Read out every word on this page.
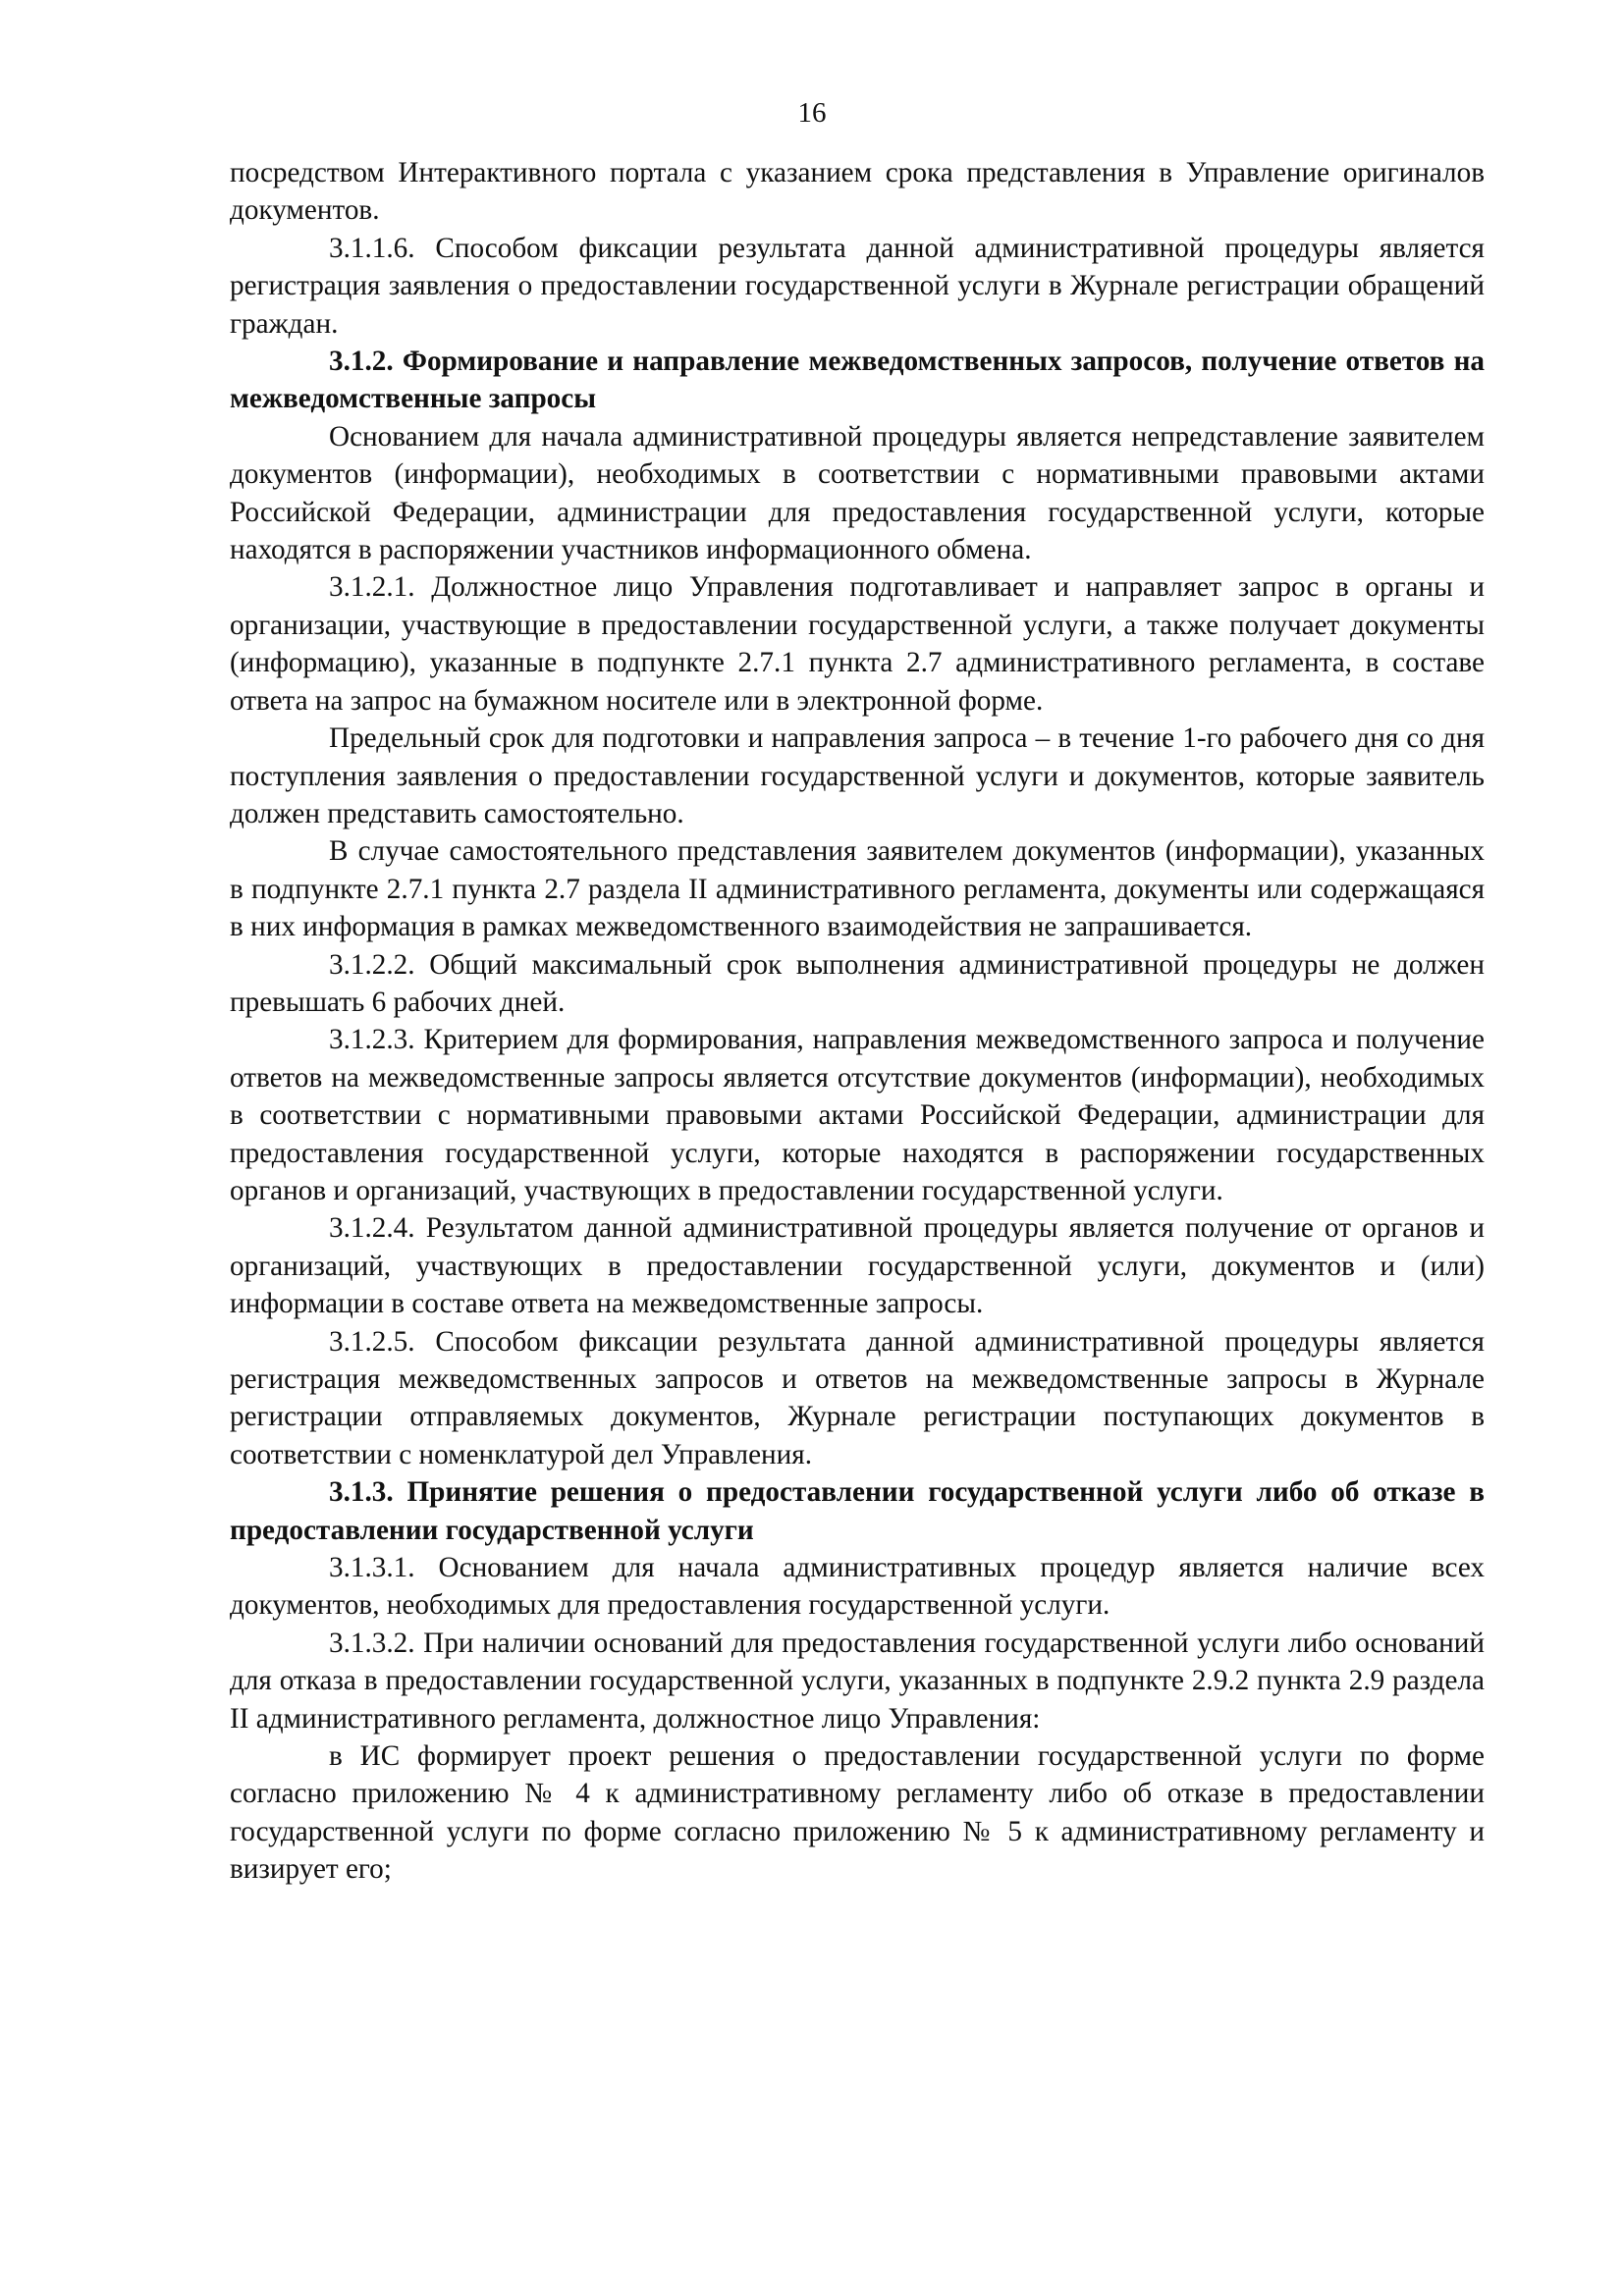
16

посредством Интерактивного портала с указанием срока представления в Управление оригиналов документов.

3.1.1.6. Способом фиксации результата данной административной процедуры является регистрация заявления о предоставлении государственной услуги в Журнале регистрации обращений граждан.

3.1.2. Формирование и направление межведомственных запросов, получение ответов на межведомственные запросы

Основанием для начала административной процедуры является непредставление заявителем документов (информации), необходимых в соответствии с нормативными правовыми актами Российской Федерации, администрации для предоставления государственной услуги, которые находятся в распоряжении участников информационного обмена.

3.1.2.1. Должностное лицо Управления подготавливает и направляет запрос в органы и организации, участвующие в предоставлении государственной услуги, а также получает документы (информацию), указанные в подпункте 2.7.1 пункта 2.7 административного регламента, в составе ответа на запрос на бумажном носителе или в электронной форме.

Предельный срок для подготовки и направления запроса – в течение 1-го рабочего дня со дня поступления заявления о предоставлении государственной услуги и документов, которые заявитель должен представить самостоятельно.

В случае самостоятельного представления заявителем документов (информации), указанных в подпункте 2.7.1 пункта 2.7 раздела II административного регламента, документы или содержащаяся в них информация в рамках межведомственного взаимодействия не запрашивается.

3.1.2.2. Общий максимальный срок выполнения административной процедуры не должен превышать 6 рабочих дней.

3.1.2.3. Критерием для формирования, направления межведомственного запроса и получение ответов на межведомственные запросы является отсутствие документов (информации), необходимых в соответствии с нормативными правовыми актами Российской Федерации, администрации для предоставления государственной услуги, которые находятся в распоряжении государственных органов и организаций, участвующих в предоставлении государственной услуги.

3.1.2.4. Результатом данной административной процедуры является получение от органов и организаций, участвующих в предоставлении государственной услуги, документов и (или) информации в составе ответа на межведомственные запросы.

3.1.2.5. Способом фиксации результата данной административной процедуры является регистрация межведомственных запросов и ответов на межведомственные запросы в Журнале регистрации отправляемых документов, Журнале регистрации поступающих документов в соответствии с номенклатурой дел Управления.

3.1.3. Принятие решения о предоставлении государственной услуги либо об отказе в предоставлении государственной услуги

3.1.3.1. Основанием для начала административных процедур является наличие всех документов, необходимых для предоставления государственной услуги.

3.1.3.2. При наличии оснований для предоставления государственной услуги либо оснований для отказа в предоставлении государственной услуги, указанных в подпункте 2.9.2 пункта 2.9 раздела II административного регламента, должностное лицо Управления:

в ИС формирует проект решения о предоставлении государственной услуги по форме согласно приложению № 4 к административному регламенту либо об отказе в предоставлении государственной услуги по форме согласно приложению № 5 к административному регламенту и визирует его;
